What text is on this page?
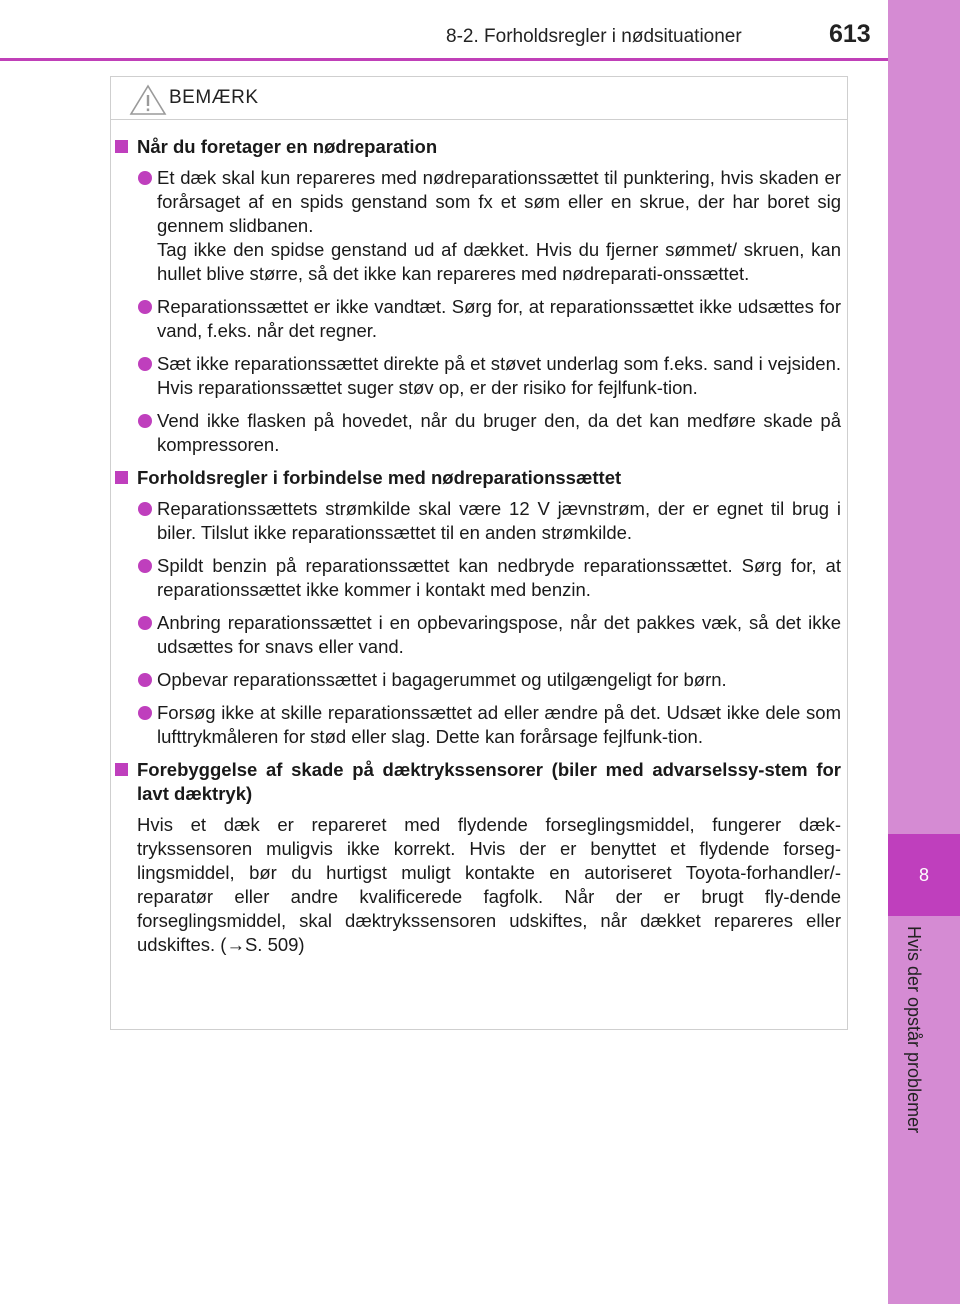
8-2. Forholdsregler i nødsituationer	613
8
Hvis der opstår problemer
BEMÆRK
Når du foretager en nødreparation
Et dæk skal kun repareres med nødreparationssættet til punktering, hvis skaden er forårsaget af en spids genstand som fx et søm eller en skrue, der har boret sig gennem slidbanen.
Tag ikke den spidse genstand ud af dækket. Hvis du fjerner sømmet/ skruen, kan hullet blive større, så det ikke kan repareres med nødreparati-onssættet.
Reparationssættet er ikke vandtæt. Sørg for, at reparationssættet ikke udsættes for vand, f.eks. når det regner.
Sæt ikke reparationssættet direkte på et støvet underlag som f.eks. sand i vejsiden. Hvis reparationssættet suger støv op, er der risiko for fejlfunk-tion.
Vend ikke flasken på hovedet, når du bruger den, da det kan medføre skade på kompressoren.
Forholdsregler i forbindelse med nødreparationssættet
Reparationssættets strømkilde skal være 12 V jævnstrøm, der er egnet til brug i biler. Tilslut ikke reparationssættet til en anden strømkilde.
Spildt benzin på reparationssættet kan nedbryde reparationssættet. Sørg for, at reparationssættet ikke kommer i kontakt med benzin.
Anbring reparationssættet i en opbevaringspose, når det pakkes væk, så det ikke udsættes for snavs eller vand.
Opbevar reparationssættet i bagagerummet og utilgængeligt for børn.
Forsøg ikke at skille reparationssættet ad eller ændre på det. Udsæt ikke dele som lufttrykmåleren for stød eller slag. Dette kan forårsage fejlfunk-tion.
Forebyggelse af skade på dæktrykssensorer (biler med advarselssy-stem for lavt dæktryk)
Hvis et dæk er repareret med flydende forseglingsmiddel, fungerer dæk-trykssensoren muligvis ikke korrekt. Hvis der er benyttet et flydende forseg-lingsmiddel, bør du hurtigst muligt kontakte en autoriseret Toyota-forhandler/-reparatør eller andre kvalificerede fagfolk. Når der er brugt fly-dende forseglingsmiddel, skal dæktrykssensoren udskiftes, når dækket repareres eller udskiftes. (→S. 509)
